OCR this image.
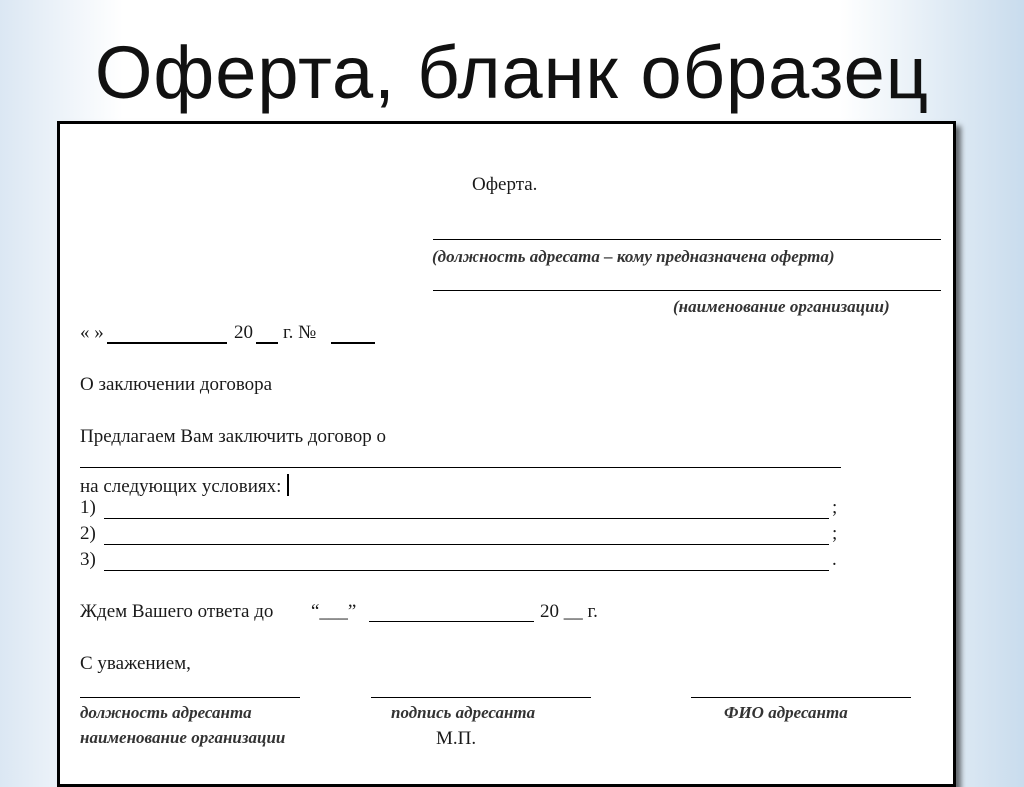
Оферта, бланк образец
Оферта.
(должность адресата – кому предназначена оферта)
(наименование организации)
« »	20 г. №
О заключении договора
Предлагаем Вам заключить договор о
на следующих условиях:
1)	;
2)	;
3)	.
Ждем Вашего ответа до “___”	20 __ г.
С уважением,
должность адресанта	подпись адресанта	ФИО адресанта
наименование организации	М.П.
